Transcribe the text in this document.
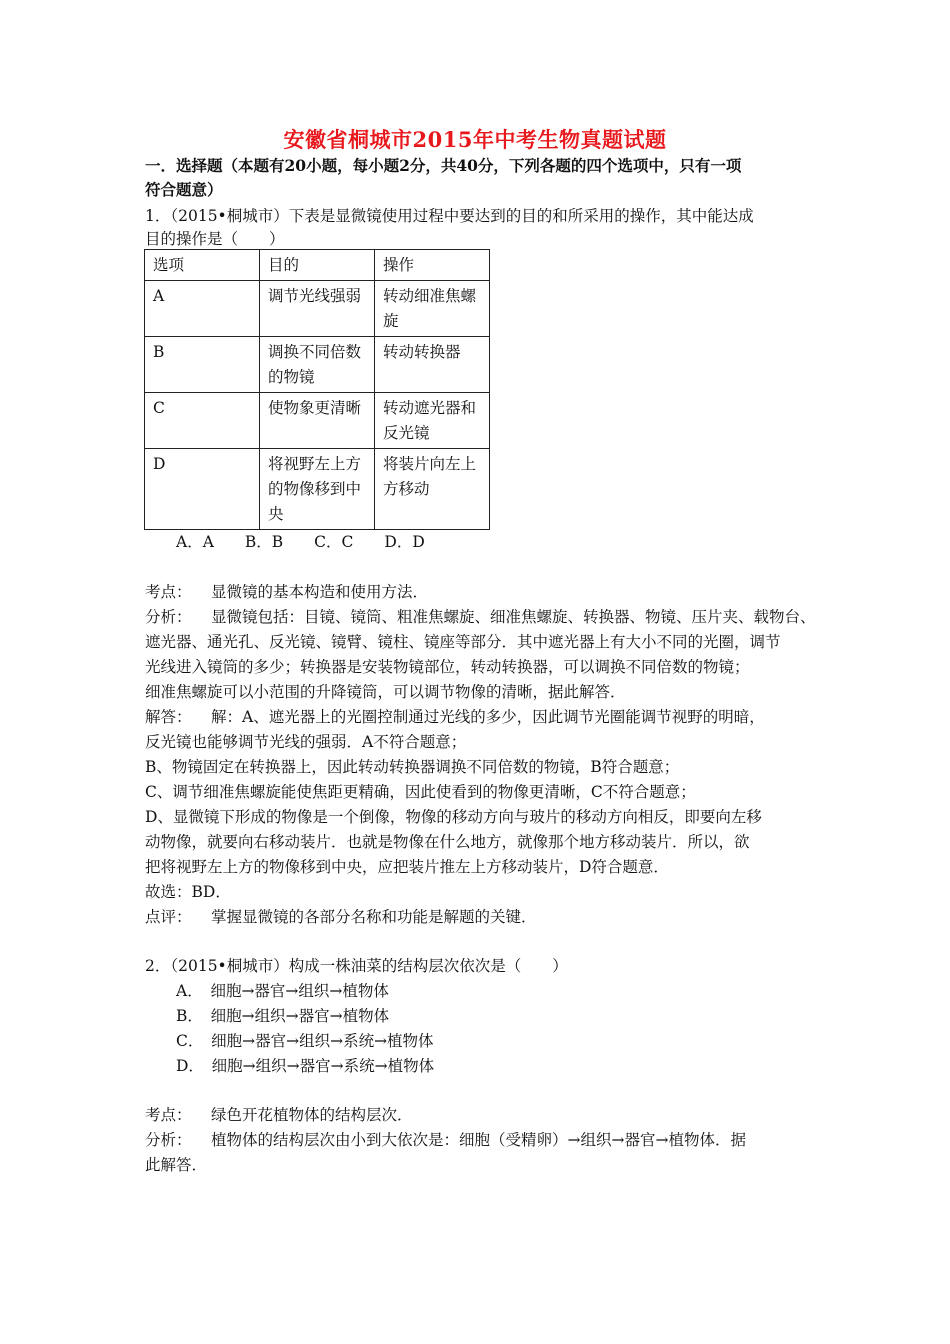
安徽省桐城市2015年中考生物真题试题
一．选择题（本题有20小题，每小题2分，共40分，下列各题的四个选项中，只有一项
符合题意）
1．（2015•桐城市）下表是显微镜使用过程中要达到的目的和所采用的操作，其中能达成
目的操作是（　　）
选项	目的	操作
A	调节光线强弱	转动细准焦螺旋
B	调换不同倍数的物镜	转动转换器
C	使物象更清晰	转动遮光器和反光镜
D	将视野左上方的物像移到中央	将装片向左上方移动
A．A　　B．B　　C．C　　D．D
考点： 显微镜的基本构造和使用方法．
分析： 显微镜包括：目镜、镜筒、粗准焦螺旋、细准焦螺旋、转换器、物镜、压片夹、载物台、
遮光器、通光孔、反光镜、镜臂、镜柱、镜座等部分．其中遮光器上有大小不同的光圈，调节
光线进入镜筒的多少；转换器是安装物镜部位，转动转换器，可以调换不同倍数的物镜；
细准焦螺旋可以小范围的升降镜筒，可以调节物像的清晰，据此解答．
解答： 解：A、遮光器上的光圈控制通过光线的多少，因此调节光圈能调节视野的明暗，
反光镜也能够调节光线的强弱．A不符合题意；
B、物镜固定在转换器上，因此转动转换器调换不同倍数的物镜，B符合题意；
C、调节细准焦螺旋能使焦距更精确，因此使看到的物像更清晰，C不符合题意；
D、显微镜下形成的物像是一个倒像，物像的移动方向与玻片的移动方向相反，即要向左移
动物像，就要向右移动装片．也就是物像在什么地方，就像那个地方移动装片．所以，欲
把将视野左上方的物像移到中央，应把装片推左上方移动装片，D符合题意．
故选：BD．
点评： 掌握显微镜的各部分名称和功能是解题的关键．
2．（2015•桐城市）构成一株油菜的结构层次依次是（　　）
A．　细胞→器官→组织→植物体
B．　细胞→组织→器官→植物体
C．　细胞→器官→组织→系统→植物体
D．　细胞→组织→器官→系统→植物体
考点： 绿色开花植物体的结构层次．
分析： 植物体的结构层次由小到大依次是：细胞（受精卵）→组织→器官→植物体．据
此解答．
